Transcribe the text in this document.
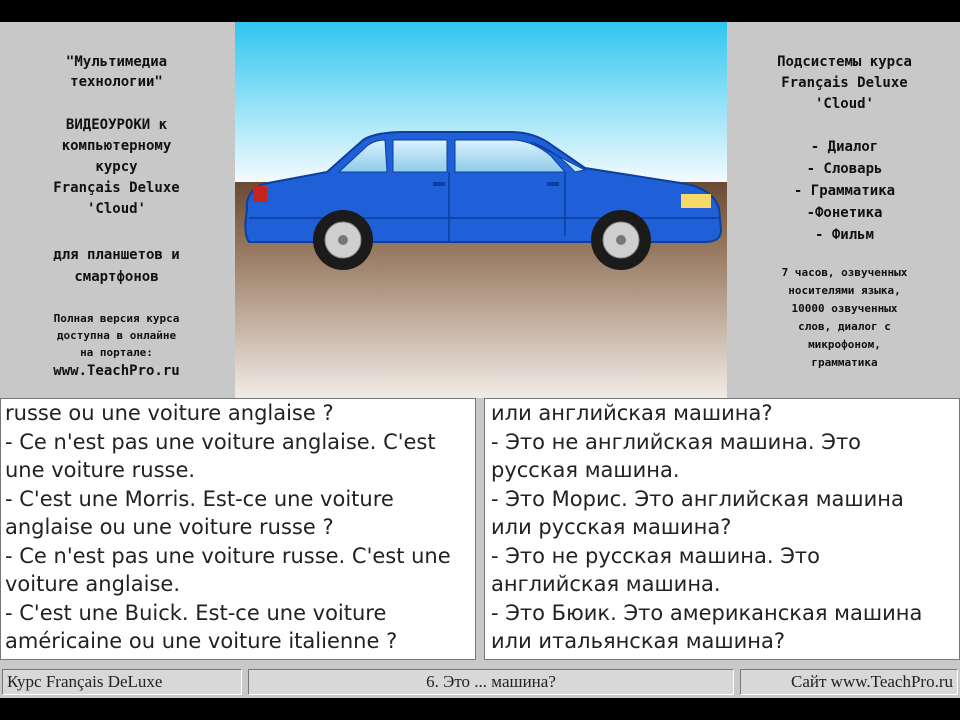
"Мультимедиа

технологии"

ВИДЕОУРОКИ к

компьютерному

курсу

Français Deluxe

'Cloud'

для планшетов и

смартфонов

Полная версия курса

доступна в онлайне

на портале:

www.TeachPro.ru

Подсистемы курса

Français Deluxe

'Cloud'

- Диалог
- Словарь
- Грамматика
-Фонетика
- Фильм

7 часов, озвученных

носителями языка,

10000 озвученных

слов, диалог с

микрофоном,

грамматика

russe ou une voiture anglaise ?
- Ce n'est pas une voiture anglaise. C'est
une voiture russe.
- C'est une Morris. Est-ce une voiture
anglaise ou une voiture russe ?
- Ce n'est pas une voiture russe. C'est une
voiture anglaise.
- C'est une Buick. Est-ce une voiture
américaine ou une voiture italienne ?
или английская машина?
- Это не английская машина. Это
русская машина.
- Это Морис. Это английская машина
или русская машина?
- Это не русская машина. Это
английская машина.
- Это Бюик. Это американская машина
или итальянская машина?
Курс Français DeLuxe	6. Это ... машина?	Сайт www.TeachPro.ru
